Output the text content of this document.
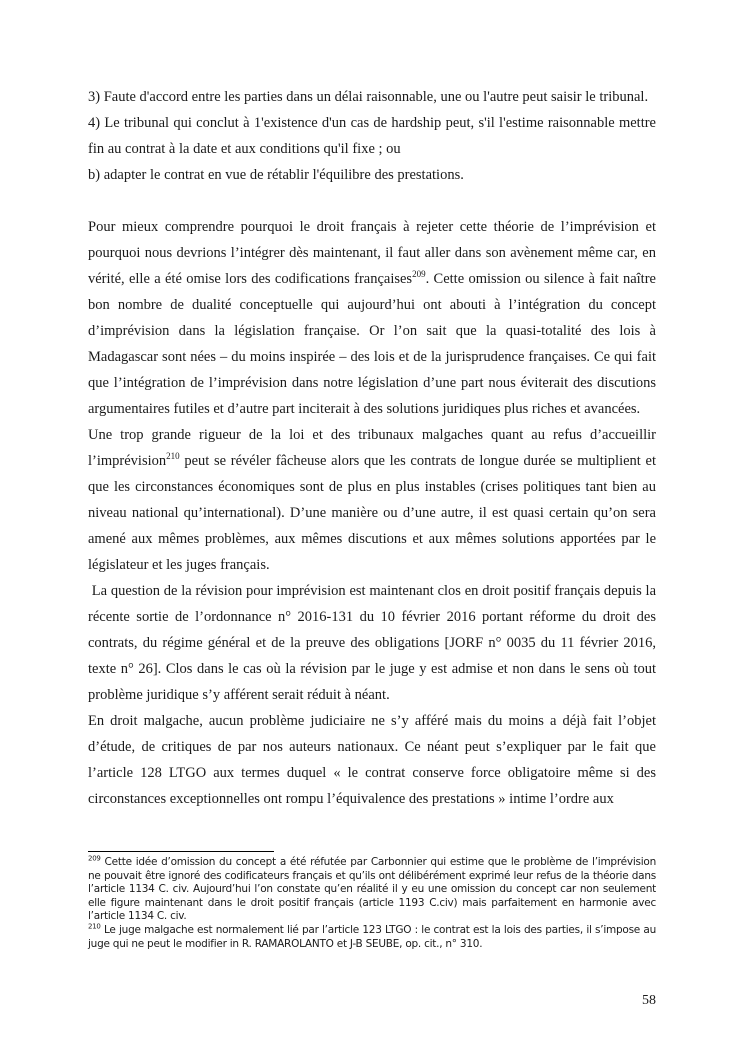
3) Faute d'accord entre les parties dans un délai raisonnable, une ou l'autre peut saisir le tribunal.

4) Le tribunal qui conclut à 1'existence d'un cas de hardship peut, s'il l'estime raisonnable mettre fin au contrat à la date et aux conditions qu'il fixe ; ou

b) adapter le contrat en vue de rétablir l'équilibre des prestations.

Pour mieux comprendre pourquoi le droit français à rejeter cette théorie de l’imprévision et pourquoi nous devrions l’intégrer dès maintenant, il faut aller dans son avènement même car, en vérité, elle a été omise lors des codifications françaises$^{209}$. Cette omission ou silence à fait naître bon nombre de dualité conceptuelle qui aujourd’hui ont abouti à l’intégration du concept d’imprévision dans la législation française. Or l’on sait que la quasi-totalité des lois à Madagascar sont nées – du moins inspirée – des lois et de la jurisprudence françaises. Ce qui fait que l’intégration de l’imprévision dans notre législation d’une part nous éviterait des discutions argumentaires futiles et d’autre part inciterait à des solutions juridiques plus riches et avancées.

Une trop grande rigueur de la loi et des tribunaux malgaches quant au refus d’accueillir l’imprévision$^{210}$ peut se révéler fâcheuse alors que les contrats de longue durée se multiplient et que les circonstances économiques sont de plus en plus instables (crises politiques tant bien au niveau national qu’international). D’une manière ou d’une autre, il est quasi certain qu’on sera amené aux mêmes problèmes, aux mêmes discutions et aux mêmes solutions apportées par le législateur et les juges français.

La question de la révision pour imprévision est maintenant clos en droit positif français depuis la récente sortie de l’ordonnance n° 2016-131 du 10 février 2016 portant réforme du droit des contrats, du régime général et de la preuve des obligations [JORF n° 0035 du 11 février 2016, texte n° 26]. Clos dans le cas où la révision par le juge y est admise et non dans le sens où tout problème juridique s’y afférent serait réduit à néant.

En droit malgache, aucun problème judiciaire ne s’y afféré mais du moins a déjà fait l’objet d’étude, de critiques de par nos auteurs nationaux. Ce néant peut s’expliquer par le fait que l’article 128 LTGO aux termes duquel « le contrat conserve force obligatoire même si des circonstances exceptionnelles ont rompu l’équivalence des prestations » intime l’ordre aux

$^{209}$ Cette idée d’omission du concept a été réfutée par Carbonnier qui estime que le problème de l’imprévision ne pouvait être ignoré des codificateurs français et qu’ils ont délibérément exprimé leur refus de la théorie dans l’article 1134 C. civ. Aujourd’hui l’on constate qu’en réalité il y eu une omission du concept car non seulement elle figure maintenant dans le droit positif français (article 1193 C.civ) mais parfaitement en harmonie avec l’article 1134 C. civ.

$^{210}$ Le juge malgache est normalement lié par l’article 123 LTGO : le contrat est la lois des parties, il s’impose au juge qui ne peut le modifier in R. RAMAROLANTO et J-B SEUBE, op. cit., n° 310.

58
